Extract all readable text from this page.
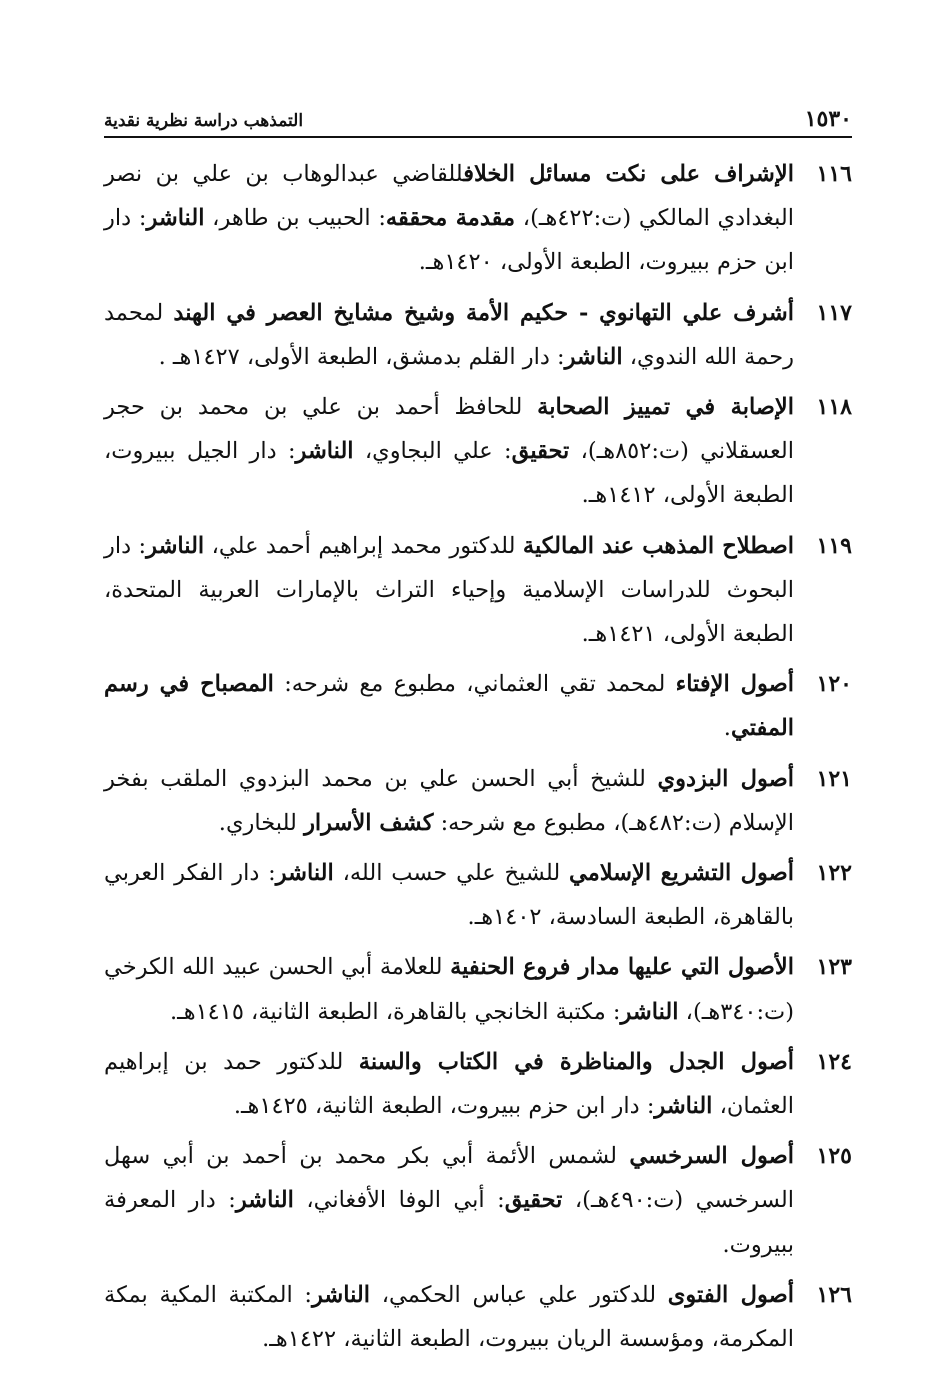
١٥٣٠
التمذهب دراسة نظرية نقدية
١١٦
الإشراف على نكت مسائل الخلافللقاضي عبدالوهاب بن علي بن نصر البغدادي المالكي (ت:٤٢٢هـ)، مقدمة محققه: الحبيب بن طاهر، الناشر: دار ابن حزم ببيروت، الطبعة الأولى، ١٤٢٠هـ.
١١٧
أشرف علي التهانوي - حكيم الأمة وشيخ مشايخ العصر في الهند لمحمد رحمة الله الندوي، الناشر: دار القلم بدمشق، الطبعة الأولى، ١٤٢٧هـ .
١١٨
الإصابة في تمييز الصحابة للحافظ أحمد بن علي بن محمد بن حجر العسقلاني (ت:٨٥٢هـ)، تحقيق: علي البجاوي، الناشر: دار الجيل ببيروت، الطبعة الأولى، ١٤١٢هـ.
١١٩
اصطلاح المذهب عند المالكية للدكتور محمد إبراهيم أحمد علي، الناشر: دار البحوث للدراسات الإسلامية وإحياء التراث بالإمارات العربية المتحدة، الطبعة الأولى، ١٤٢١هـ.
١٢٠
أصول الإفتاء لمحمد تقي العثماني، مطبوع مع شرحه: المصباح في رسم المفتي.
١٢١
أصول البزدوي للشيخ أبي الحسن علي بن محمد البزدوي الملقب بفخر الإسلام (ت:٤٨٢هـ)، مطبوع مع شرحه: كشف الأسرار للبخاري.
١٢٢
أصول التشريع الإسلامي للشيخ علي حسب الله، الناشر: دار الفكر العربي بالقاهرة، الطبعة السادسة، ١٤٠٢هـ.
١٢٣
الأصول التي عليها مدار فروع الحنفية للعلامة أبي الحسن عبيد الله الكرخي (ت:٣٤٠هـ)، الناشر: مكتبة الخانجي بالقاهرة، الطبعة الثانية، ١٤١٥هـ.
١٢٤
أصول الجدل والمناظرة في الكتاب والسنة للدكتور حمد بن إبراهيم العثمان، الناشر: دار ابن حزم ببيروت، الطبعة الثانية، ١٤٢٥هـ.
١٢٥
أصول السرخسي لشمس الأئمة أبي بكر محمد بن أحمد بن أبي سهل السرخسي (ت:٤٩٠هـ)، تحقيق: أبي الوفا الأفغاني، الناشر: دار المعرفة ببيروت.
١٢٦
أصول الفتوى للدكتور علي عباس الحكمي، الناشر: المكتبة المكية بمكة المكرمة، ومؤسسة الريان ببيروت، الطبعة الثانية، ١٤٢٢هـ.
